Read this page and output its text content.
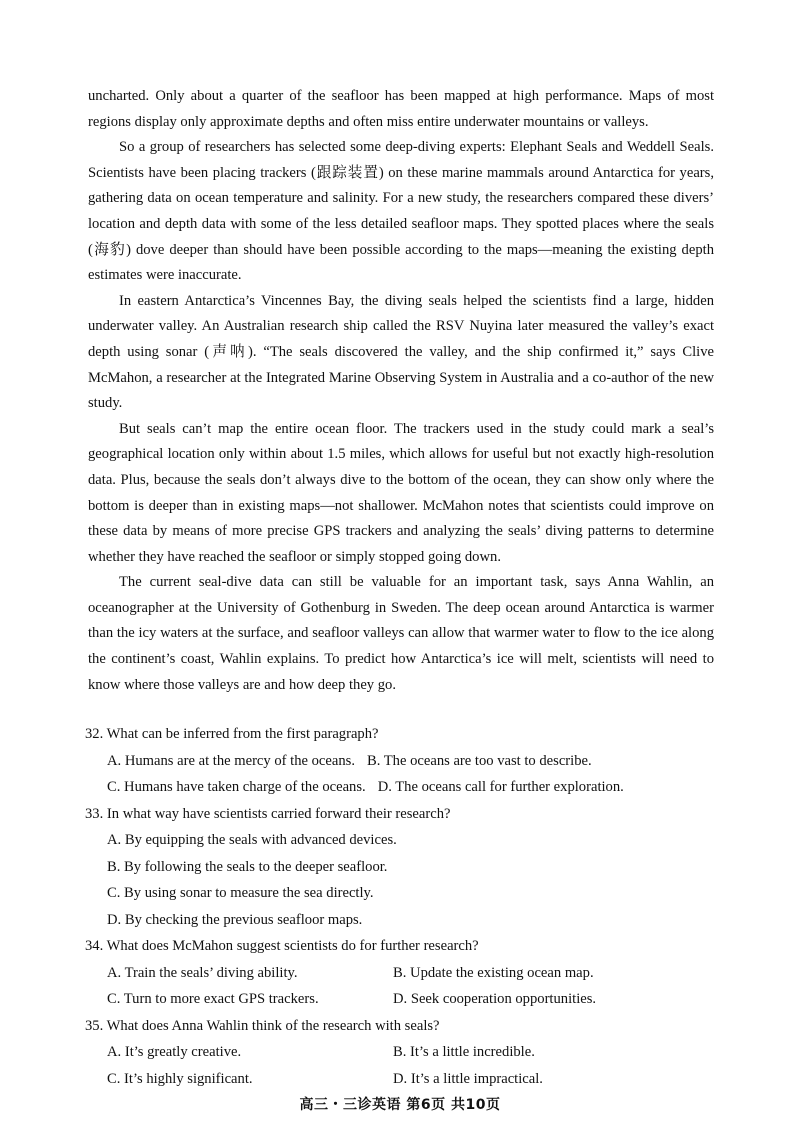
uncharted. Only about a quarter of the seafloor has been mapped at high performance. Maps of most regions display only approximate depths and often miss entire underwater mountains or valleys.

So a group of researchers has selected some deep-diving experts: Elephant Seals and Weddell Seals. Scientists have been placing trackers (跟踪装置) on these marine mammals around Antarctica for years, gathering data on ocean temperature and salinity. For a new study, the researchers compared these divers’ location and depth data with some of the less detailed seafloor maps. They spotted places where the seals (海豹) dove deeper than should have been possible according to the maps—meaning the existing depth estimates were inaccurate.

In eastern Antarctica’s Vincennes Bay, the diving seals helped the scientists find a large, hidden underwater valley. An Australian research ship called the RSV Nuyina later measured the valley’s exact depth using sonar (声呐). “The seals discovered the valley, and the ship confirmed it,” says Clive McMahon, a researcher at the Integrated Marine Observing System in Australia and a co-author of the new study.

But seals can’t map the entire ocean floor. The trackers used in the study could mark a seal’s geographical location only within about 1.5 miles, which allows for useful but not exactly high-resolution data. Plus, because the seals don’t always dive to the bottom of the ocean, they can show only where the bottom is deeper than in existing maps—not shallower. McMahon notes that scientists could improve on these data by means of more precise GPS trackers and analyzing the seals’ diving patterns to determine whether they have reached the seafloor or simply stopped going down.

The current seal-dive data can still be valuable for an important task, says Anna Wahlin, an oceanographer at the University of Gothenburg in Sweden. The deep ocean around Antarctica is warmer than the icy waters at the surface, and seafloor valleys can allow that warmer water to flow to the ice along the continent’s coast, Wahlin explains. To predict how Antarctica’s ice will melt, scientists will need to know where those valleys are and how deep they go.

32. What can be inferred from the first paragraph?

A. Humans are at the mercy of the oceans. B. The oceans are too vast to describe.
C. Humans have taken charge of the oceans. D. The oceans call for further exploration.

33. In what way have scientists carried forward their research?

A. By equipping the seals with advanced devices.
B. By following the seals to the deeper seafloor.
C. By using sonar to measure the sea directly.
D. By checking the previous seafloor maps.

34. What does McMahon suggest scientists do for further research?

A. Train the seals’ diving ability.	B. Update the existing ocean map.
C. Turn to more exact GPS trackers.	D. Seek cooperation opportunities.

35. What does Anna Wahlin think of the research with seals?

A. It’s greatly creative.	B. It’s a little incredible.
C. It’s highly significant.	D. It’s a little impractical.
高三・三诊英语 第6页 共10页
